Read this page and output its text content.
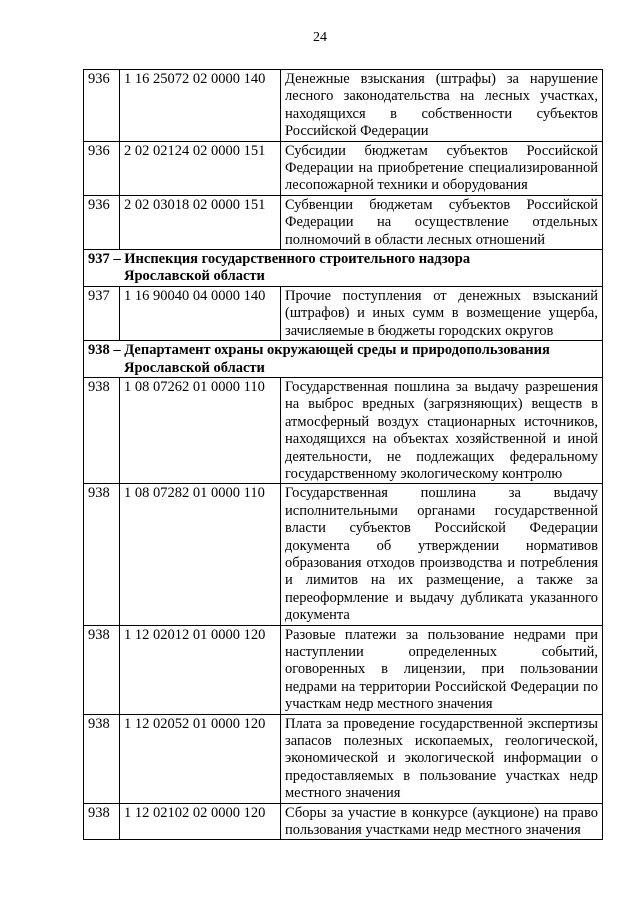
24
936	1 16 25072 02 0000 140	Денежные взыскания (штрафы) за нарушение лесного законодательства на лесных участках, находящихся в собственности субъектов Российской Федерации
936	2 02 02124 02 0000 151	Субсидии бюджетам субъектов Российской Федерации на приобретение специализированной лесопожарной техники и оборудования
936	2 02 03018 02 0000 151	Субвенции бюджетам субъектов Российской Федерации на осуществление отдельных полномочий в области лесных отношений
937 – Инспекция государственного строительного надзора
Ярославской области		

937	1 16 90040 04 0000 140	Прочие поступления от денежных взысканий (штрафов) и иных сумм в возмещение ущерба, зачисляемые в бюджеты городских округов
938 – Департамент охраны окружающей среды и природопользования
Ярославской области		

938	1 08 07262 01 0000 110	Государственная пошлина за выдачу разрешения на выброс вредных (загрязняющих) веществ в атмосферный воздух стационарных источников, находящихся на объектах хозяйственной и иной деятельности, не подлежащих федеральному государственному экологическому контролю
938	1 08 07282 01 0000 110	Государственная пошлина за выдачу исполнительными органами государственной власти субъектов Российской Федерации документа об утверждении нормативов образования отходов производства и потребления и лимитов на их размещение, а также за переоформление и выдачу дубликата указанного документа
938	1 12 02012 01 0000 120	Разовые платежи за пользование недрами при наступлении определенных событий, оговоренных в лицензии, при пользовании недрами на территории Российской Федерации по участкам недр местного значения
938	1 12 02052 01 0000 120	Плата за проведение государственной экспертизы запасов полезных ископаемых, геологической, экономической и экологической информации о предоставляемых в пользование участках недр местного значения
938	1 12 02102 02 0000 120	Сборы за участие в конкурсе (аукционе) на право пользования участками недр местного значения
